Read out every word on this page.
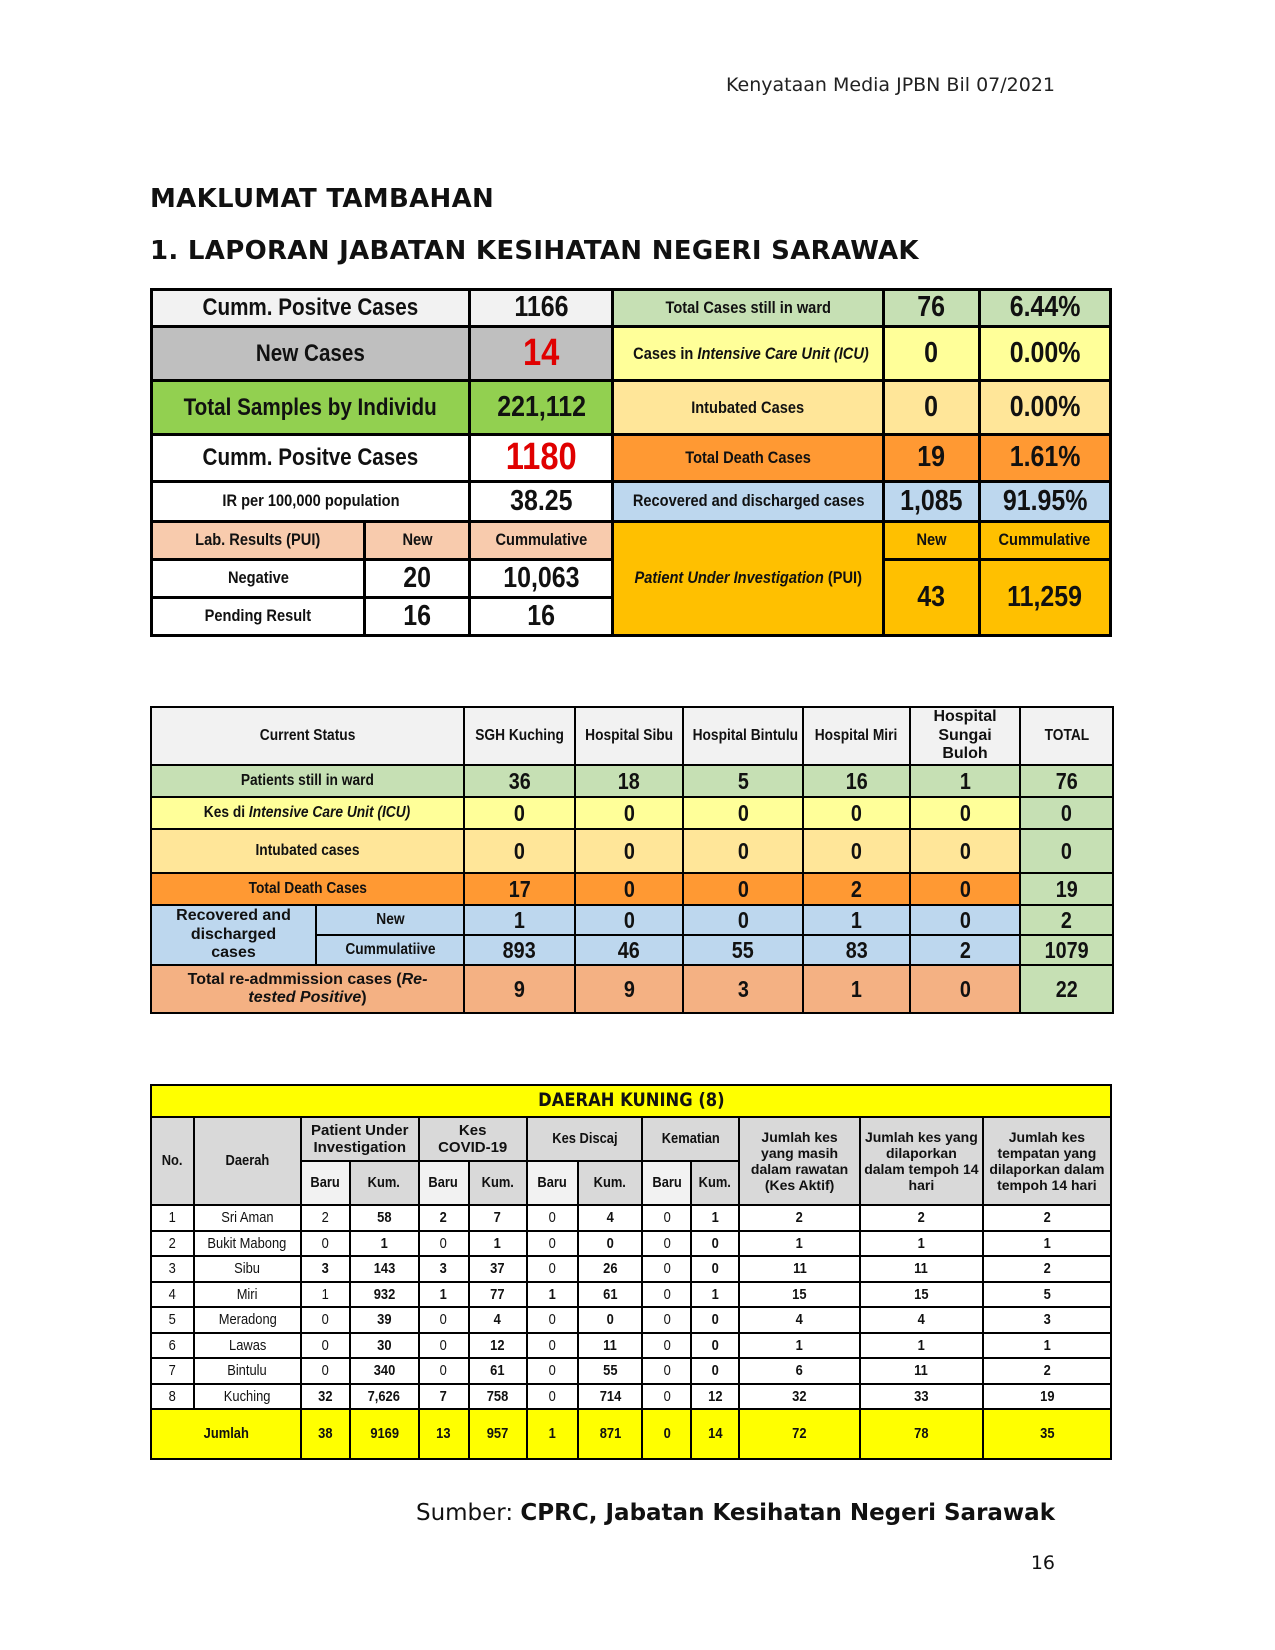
Kenyataan Media JPBN Bil 07/2021
MAKLUMAT TAMBAHAN
1. LAPORAN JABATAN KESIHATAN NEGERI SARAWAK
Cumm. Positve Cases		1166	Total Cases still in ward	76	6.44%
New Cases		14	Cases in Intensive Care Unit (ICU)	0	0.00%
Total Samples by Individu		221,112	Intubated Cases	0	0.00%
Cumm. Positve Cases		1180	Total Death Cases	19	1.61%
IR per 100,000 population		38.25	Recovered and discharged cases	1,085	91.95%
Lab. Results (PUI)	New	Cummulative	Patient Under Investigation (PUI)	New	Cummulative
Negative	20	10,063		43	11,259
Pending Result	16	16			
Current Status		SGH Kuching	Hospital Sibu	Hospital Bintulu	Hospital Miri	Hospital Sungai Buloh	TOTAL
Patients still in ward		36	18	5	16	1	76
Kes di Intensive Care Unit (ICU)		0	0	0	0	0	0
Intubated cases		0	0	0	0	0	0
Total Death Cases		17	0	0	2	0	19
Recovered and discharged cases	New	1	0	0	1	0	2
	Cummulatiive	893	46	55	83	2	1079
Total re-admmission cases (Re-tested Positive)		9	9	3	1	0	22
DAERAH KUNING (8)												
No.	Daerah	Patient Under Investigation		Kes COVID-19		Kes Discaj		Kematian		Jumlah kes yang masih dalam rawatan (Kes Aktif)	Jumlah kes yang dilaporkan dalam tempoh 14 hari	Jumlah kes tempatan yang dilaporkan dalam tempoh 14 hari
		Baru	Kum.	Baru	Kum.	Baru	Kum.	Baru	Kum.			
1	Sri Aman	2	58	2	7	0	4	0	1	2	2	2
2	Bukit Mabong	0	1	0	1	0	0	0	0	1	1	1
3	Sibu	3	143	3	37	0	26	0	0	11	11	2
4	Miri	1	932	1	77	1	61	0	1	15	15	5
5	Meradong	0	39	0	4	0	0	0	0	4	4	3
6	Lawas	0	30	0	12	0	11	0	0	1	1	1
7	Bintulu	0	340	0	61	0	55	0	0	6	11	2
8	Kuching	32	7,626	7	758	0	714	0	12	32	33	19
Jumlah		38	9169	13	957	1	871	0	14	72	78	35
Sumber: CPRC, Jabatan Kesihatan Negeri Sarawak
16
